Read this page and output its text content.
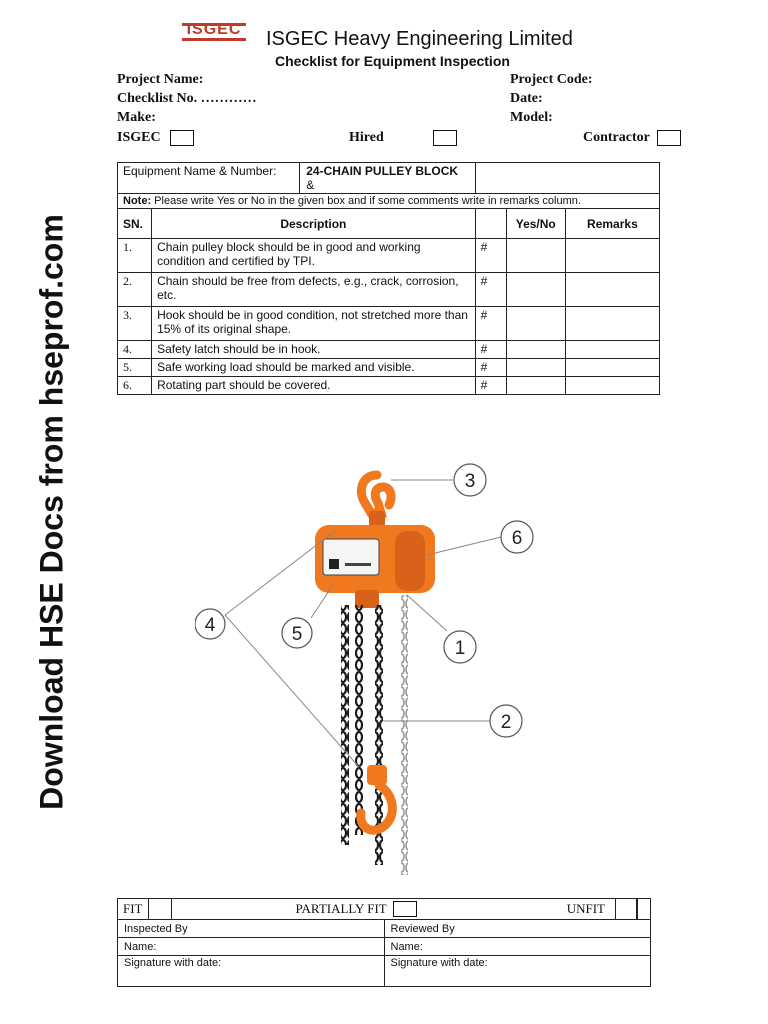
Download HSE Docs from hseprof.com
ISGEC ISGEC Heavy Engineering Limited
Checklist for Equipment Inspection
Project Name:	Project Code:
Checklist No. …………	Date:
Make:	Model:
ISGEC	Hired	Contractor
Equipment Name & Number: 24-CHAIN PULLEY BLOCK &				

Note: Please write Yes or No in the given box and if some comments write in remarks column.				
SN.	Description		Yes/No	Remarks
1.	Chain pulley block should be in good and working condition and certified by TPI.	#		
2.	Chain should be free from defects, e.g., crack, corrosion, etc.	#		
3.	Hook should be in good condition, not stretched more than 15% of its original shape.	#		
4.	Safety latch should be in hook.	#		
5.	Safe working load should be marked and visible.	#		
6.	Rotating part should be covered.	#		
3
6
4	5
1
2
FIT PARTIALLY FIT UNFIT	

Inspected By	Reviewed By
Name:	Name:
Signature with date:	Signature with date:
